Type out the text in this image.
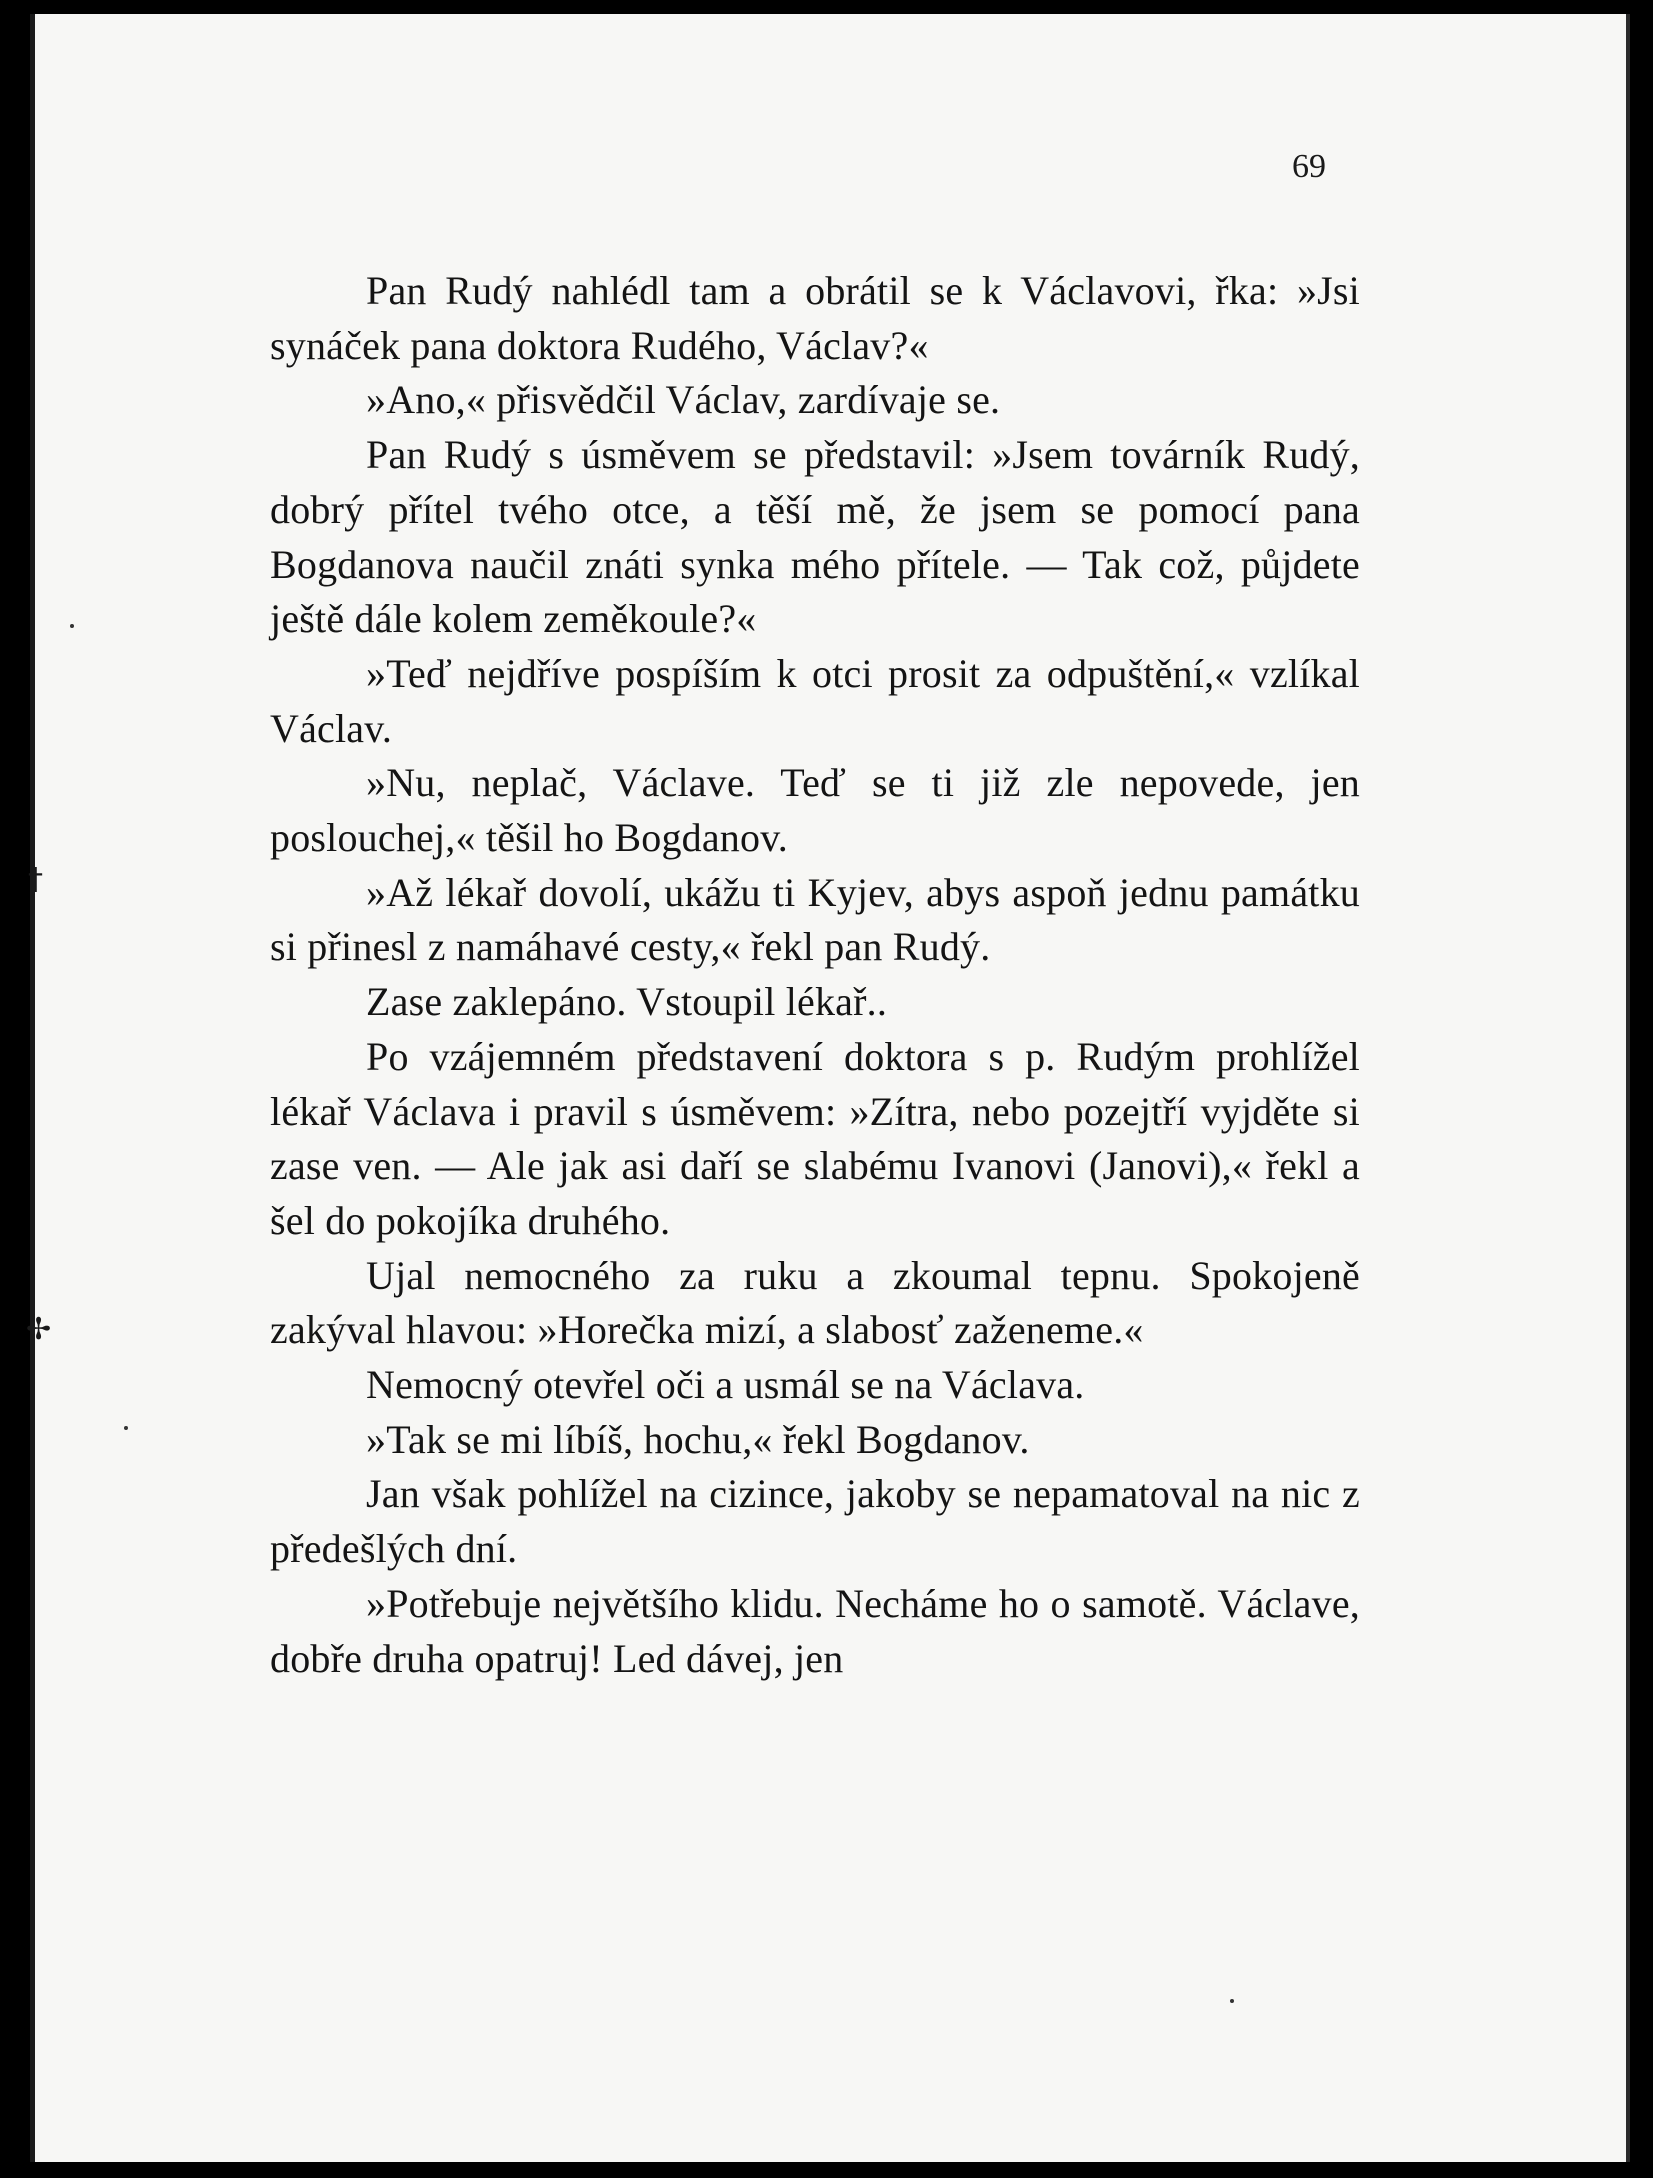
69
†
✢

Pan Rudý nahlédl tam a obrátil se k Václavovi, řka: »Jsi synáček pana doktora Rudého, Václav?«

»Ano,« přisvědčil Václav, zardívaje se.

Pan Rudý s úsměvem se představil: »Jsem továrník Rudý, dobrý přítel tvého otce, a těší mě, že jsem se pomocí pana Bogdanova naučil znáti synka mého přítele. — Tak což, půjdete ještě dále kolem zeměkoule?«

»Teď nejdříve pospíším k otci prosit za odpuštění,« vzlíkal Václav.

»Nu, neplač, Václave. Teď se ti již zle nepovede, jen poslouchej,« těšil ho Bogdanov.

»Až lékař dovolí, ukážu ti Kyjev, abys aspoň jednu památku si přinesl z namáhavé cesty,« řekl pan Rudý.

Zase zaklepáno. Vstoupil lékař..

Po vzájemném představení doktora s p. Rudým prohlížel lékař Václava i pravil s úsměvem: »Zítra, nebo pozejtří vyjděte si zase ven. — Ale jak asi daří se slabému Ivanovi (Janovi),« řekl a šel do pokojíka druhého.

Ujal nemocného za ruku a zkoumal tepnu. Spokojeně zakýval hlavou: »Horečka mizí, a slabosť zaženeme.«

Nemocný otevřel oči a usmál se na Václava.

»Tak se mi líbíš, hochu,« řekl Bogdanov.

Jan však pohlížel na cizince, jakoby se nepamatoval na nic z předešlých dní.

»Potřebuje největšího klidu. Necháme ho o samotě. Václave, dobře druha opatruj! Led dávej, jen
